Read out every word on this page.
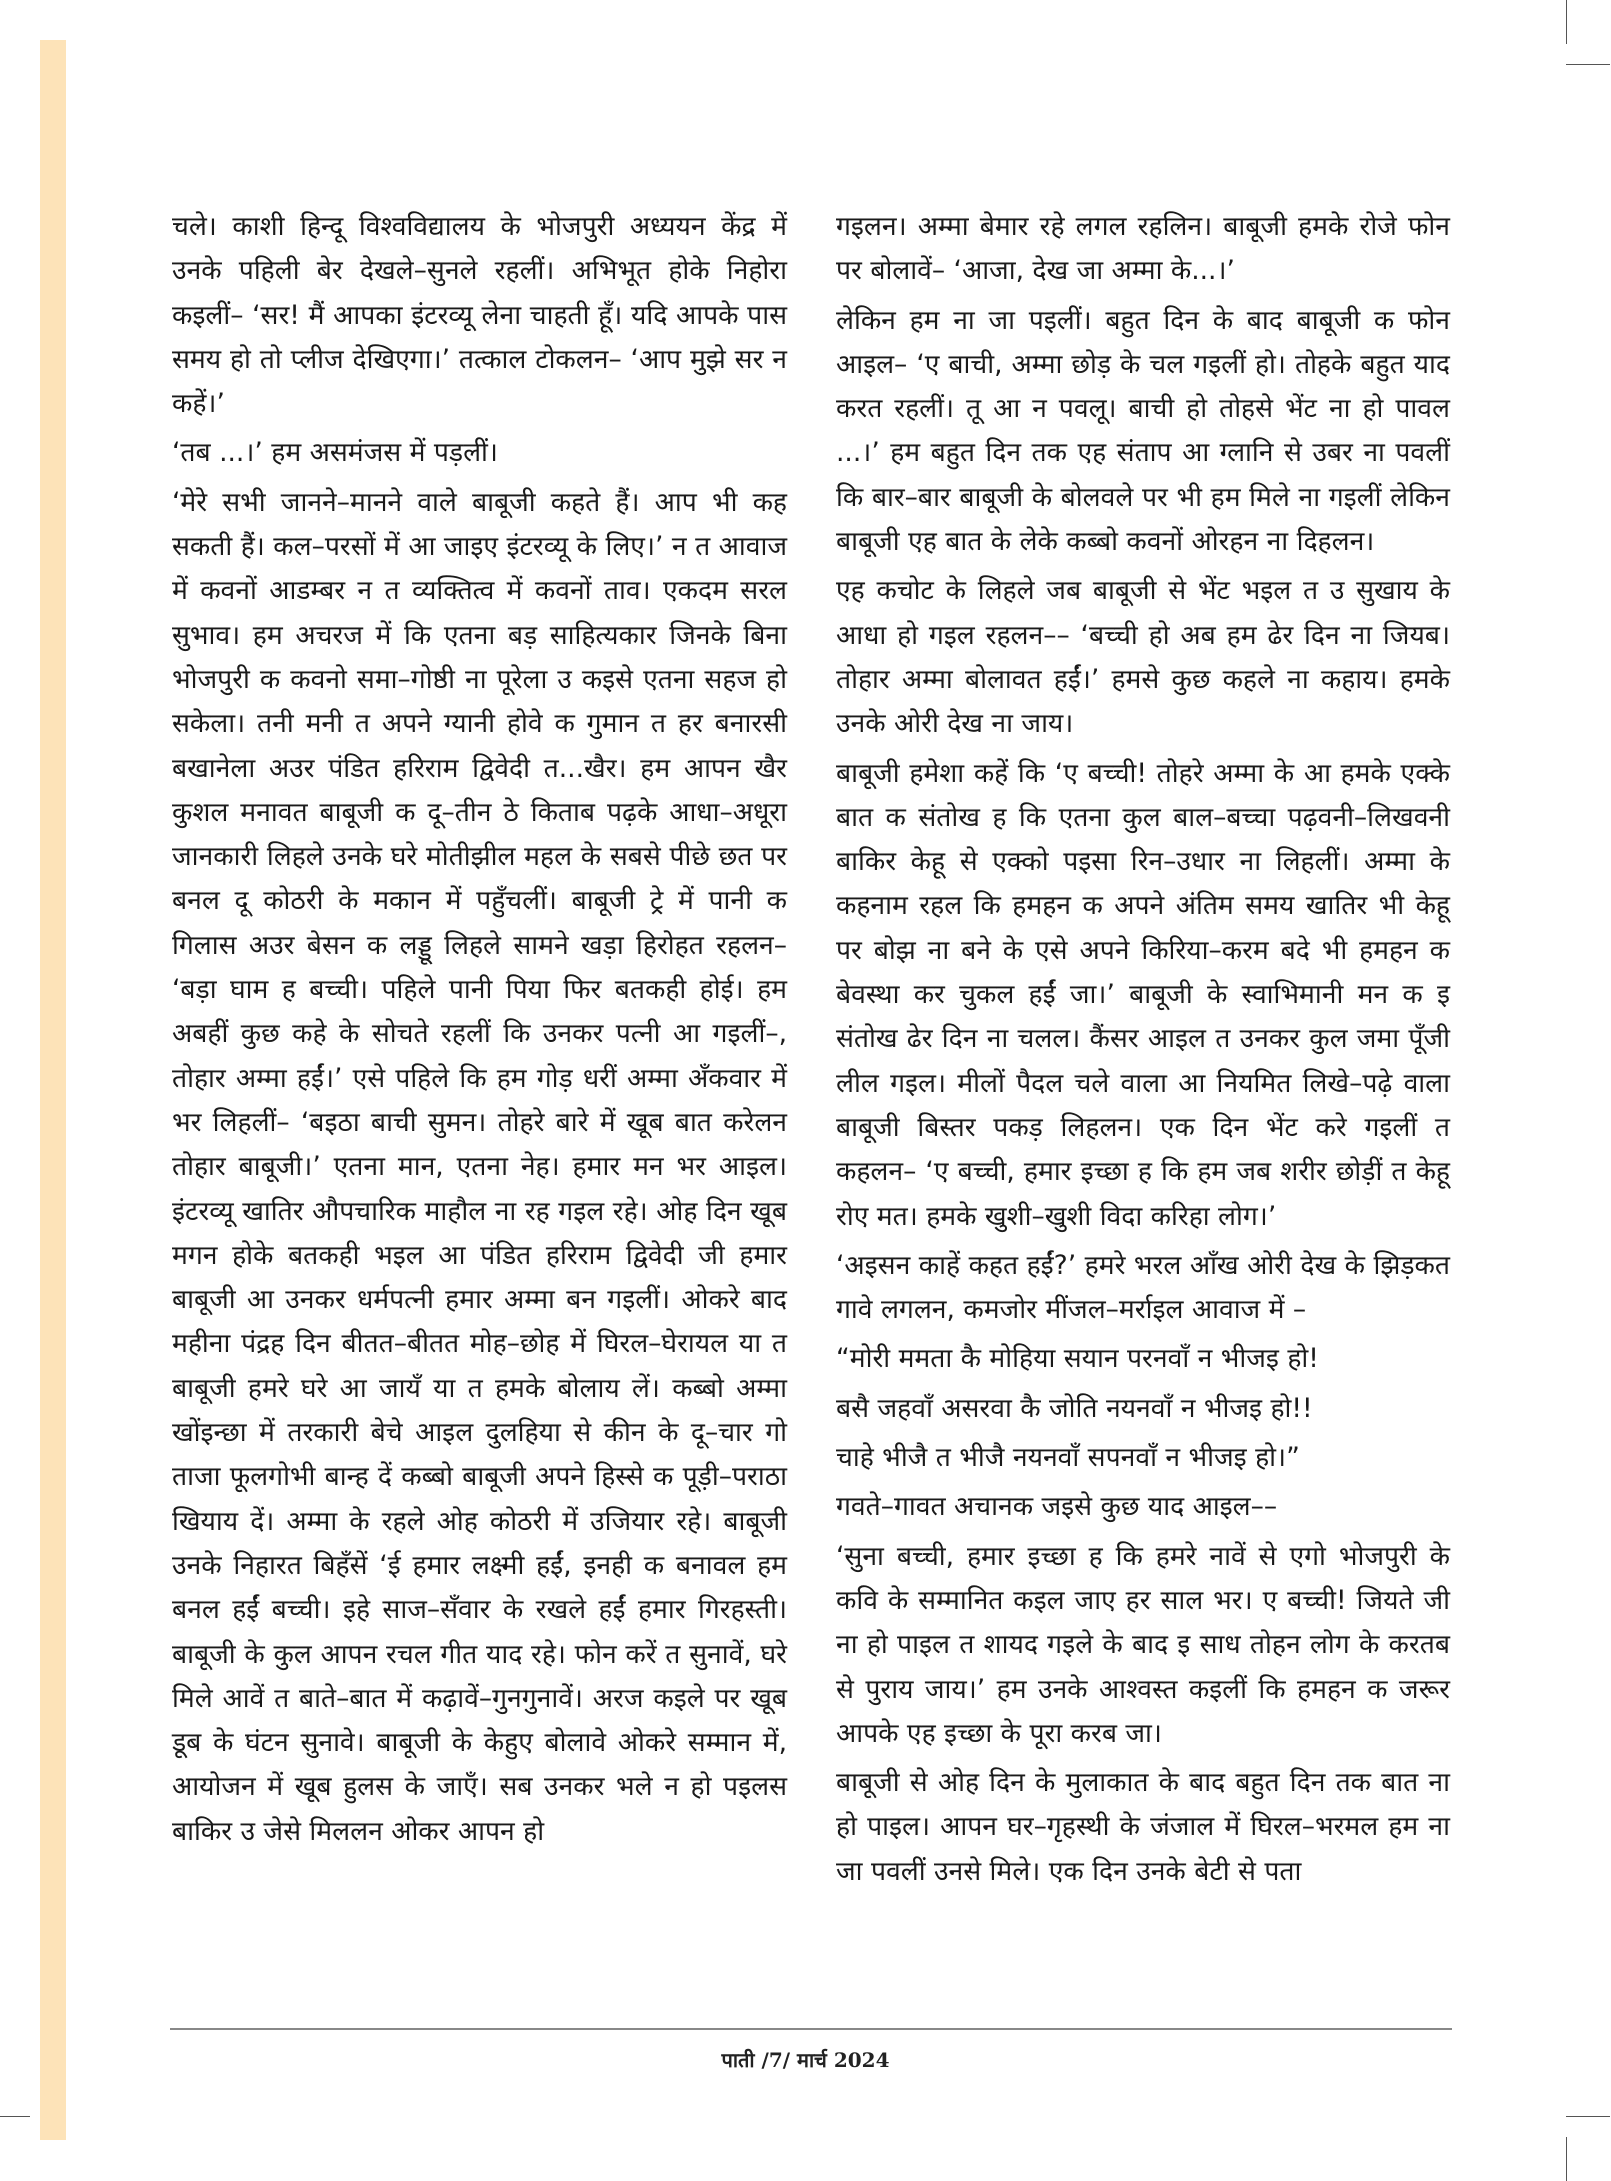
चले। काशी हिन्दू विश्वविद्यालय के भोजपुरी अध्ययन केंद्र में उनके पहिली बेर देखले–सुनले रहलीं। अभिभूत होके निहोरा कइलीं– ‘सर! मैं आपका इंटरव्यू लेना चाहती हूँ। यदि आपके पास समय हो तो प्लीज देखिएगा।’ तत्काल टोकलन– ‘आप मुझे सर न कहें।’

‘तब ...।’ हम असमंजस में पड़लीं।

‘मेरे सभी जानने–मानने वाले बाबूजी कहते हैं। आप भी कह सकती हैं। कल–परसों में आ जाइए इंटरव्यू के लिए।’ न त आवाज में कवनों आडम्बर न त व्यक्तित्व में कवनों ताव। एकदम सरल सुभाव। हम अचरज में कि एतना बड़ साहित्यकार जिनके बिना भोजपुरी क कवनो समा–गोष्ठी ना पूरेला उ कइसे एतना सहज हो सकेला। तनी मनी त अपने ग्यानी होवे क गुमान त हर बनारसी बखानेला अउर पंडित हरिराम द्विवेदी त...खैर। हम आपन खैर कुशल मनावत बाबूजी क दू–तीन ठे किताब पढ़के आधा–अधूरा जानकारी लिहले उनके घरे मोतीझील महल के सबसे पीछे छत पर बनल दू कोठरी के मकान में पहुँचलीं। बाबूजी ट्रे में पानी क गिलास अउर बेसन क लड्डू लिहले सामने खड़ा हिरोहत रहलन– ‘बड़ा घाम ह बच्ची। पहिले पानी पिया फिर बतकही होई। हम अबहीं कुछ कहे के सोचते रहलीं कि उनकर पत्नी आ गइलीं–, तोहार अम्मा हईं।’ एसे पहिले कि हम गोड़ धरीं अम्मा अँकवार में भर लिहलीं– ‘बइठा बाची सुमन। तोहरे बारे में खूब बात करेलन तोहार बाबूजी।’ एतना मान, एतना नेह। हमार मन भर आइल। इंटरव्यू खातिर औपचारिक माहौल ना रह गइल रहे। ओह दिन खूब मगन होके बतकही भइल आ पंडित हरिराम द्विवेदी जी हमार बाबूजी आ उनकर धर्मपत्नी हमार अम्मा बन गइलीं। ओकरे बाद महीना पंद्रह दिन बीतत–बीतत मोह–छोह में घिरल–घेरायल या त बाबूजी हमरे घरे आ जायँ या त हमके बोलाय लें। कब्बो अम्मा खोंइन्छा में तरकारी बेचे आइल दुलहिया से कीन के दू–चार गो ताजा फूलगोभी बान्ह दें कब्बो बाबूजी अपने हिस्से क पूड़ी–पराठा खियाय दें। अम्मा के रहले ओह कोठरी में उजियार रहे। बाबूजी उनके निहारत बिहँसें ‘ई हमार लक्ष्मी हईं, इनही क बनावल हम बनल हईं बच्ची। इहे साज–सँवार के रखले हईं हमार गिरहस्ती। बाबूजी के कुल आपन रचल गीत याद रहे। फोन करें त सुनावें, घरे मिले आवें त बाते–बात में कढ़ावें–गुनगुनावें। अरज कइले पर खूब डूब के घंटन सुनावे। बाबूजी के केहुए बोलावे ओकरे सम्मान में, आयोजन में खूब हुलस के जाएँ। सब उनकर भले न हो पइलस बाकिर उ जेसे मिललन ओकर आपन हो

गइलन। अम्मा बेमार रहे लगल रहलिन। बाबूजी हमके रोजे फोन पर बोलावें– ‘आजा, देख जा अम्मा के...।’

लेकिन हम ना जा पइलीं। बहुत दिन के बाद बाबूजी क फोन आइल– ‘ए बाची, अम्मा छोड़ के चल गइलीं हो। तोहके बहुत याद करत रहलीं। तू आ न पवलू। बाची हो तोहसे भेंट ना हो पावल ...।’ हम बहुत दिन तक एह संताप आ ग्लानि से उबर ना पवलीं कि बार–बार बाबूजी के बोलवले पर भी हम मिले ना गइलीं लेकिन बाबूजी एह बात के लेके कब्बो कवनों ओरहन ना दिहलन।

एह कचोट के लिहले जब बाबूजी से भेंट भइल त उ सुखाय के आधा हो गइल रहलन–– ‘बच्ची हो अब हम ढेर दिन ना जियब। तोहार अम्मा बोलावत हईं।’ हमसे कुछ कहले ना कहाय। हमके उनके ओरी देख ना जाय।

बाबूजी हमेशा कहें कि ‘ए बच्ची! तोहरे अम्मा के आ हमके एक्के बात क संतोख ह कि एतना कुल बाल–बच्चा पढ़वनी–लिखवनी बाकिर केहू से एक्को पइसा रिन–उधार ना लिहलीं। अम्मा के कहनाम रहल कि हमहन क अपने अंतिम समय खातिर भी केहू पर बोझ ना बने के एसे अपने किरिया–करम बदे भी हमहन क बेवस्था कर चुकल हईं जा।’ बाबूजी के स्वाभिमानी मन क इ संतोख ढेर दिन ना चलल। कैंसर आइल त उनकर कुल जमा पूँजी लील गइल। मीलों पैदल चले वाला आ नियमित लिखे–पढ़े वाला बाबूजी बिस्तर पकड़ लिहलन। एक दिन भेंट करे गइलीं त कहलन– ‘ए बच्ची, हमार इच्छा ह कि हम जब शरीर छोड़ीं त केहू रोए मत। हमके खुशी–खुशी विदा करिहा लोग।’

‘अइसन काहें कहत हईं?’ हमरे भरल आँख ओरी देख के झिड़कत गावे लगलन, कमजोर मींजल–मर्राइल आवाज में –

“मोरी ममता कै मोहिया सयान परनवाँ न भीजइ हो!

बसै जहवाँ असरवा कै जोति नयनवाँ न भीजइ हो!!

चाहे भीजै त भीजै नयनवाँ सपनवाँ न भीजइ हो।”

गवते–गावत अचानक जइसे कुछ याद आइल––

‘सुना बच्ची, हमार इच्छा ह कि हमरे नावें से एगो भोजपुरी के कवि के सम्मानित कइल जाए हर साल भर। ए बच्ची! जियते जी ना हो पाइल त शायद गइले के बाद इ साध तोहन लोग के करतब से पुराय जाय।’ हम उनके आश्वस्त कइलीं कि हमहन क जरूर आपके एह इच्छा के पूरा करब जा।

बाबूजी से ओह दिन के मुलाकात के बाद बहुत दिन तक बात ना हो पाइल। आपन घर–गृहस्थी के जंजाल में घिरल–भरमल हम ना जा पवलीं उनसे मिले। एक दिन उनके बेटी से पता

पाती /7/ मार्च 2024
